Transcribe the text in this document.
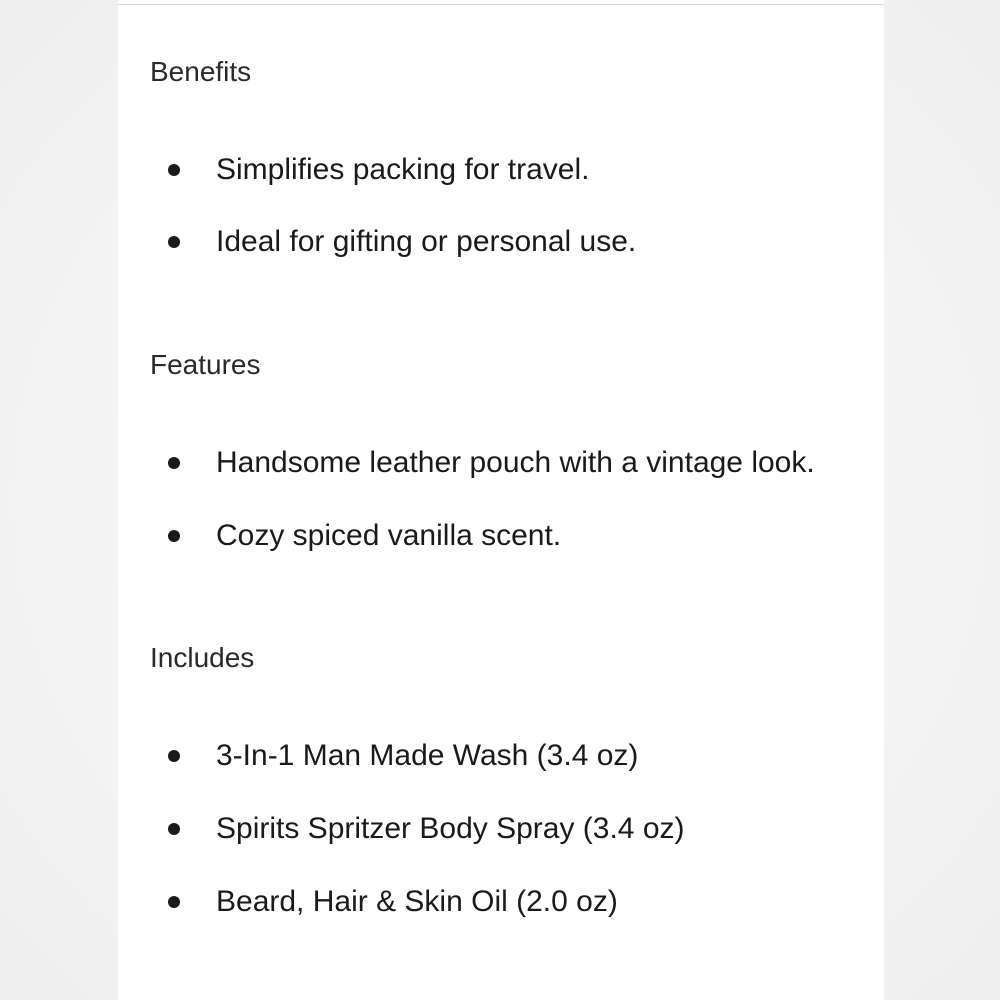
Benefits
Simplifies packing for travel.
Ideal for gifting or personal use.
Features
Handsome leather pouch with a vintage look.
Cozy spiced vanilla scent.
Includes
3-In-1 Man Made Wash (3.4 oz)
Spirits Spritzer Body Spray (3.4 oz)
Beard, Hair & Skin Oil (2.0 oz)
